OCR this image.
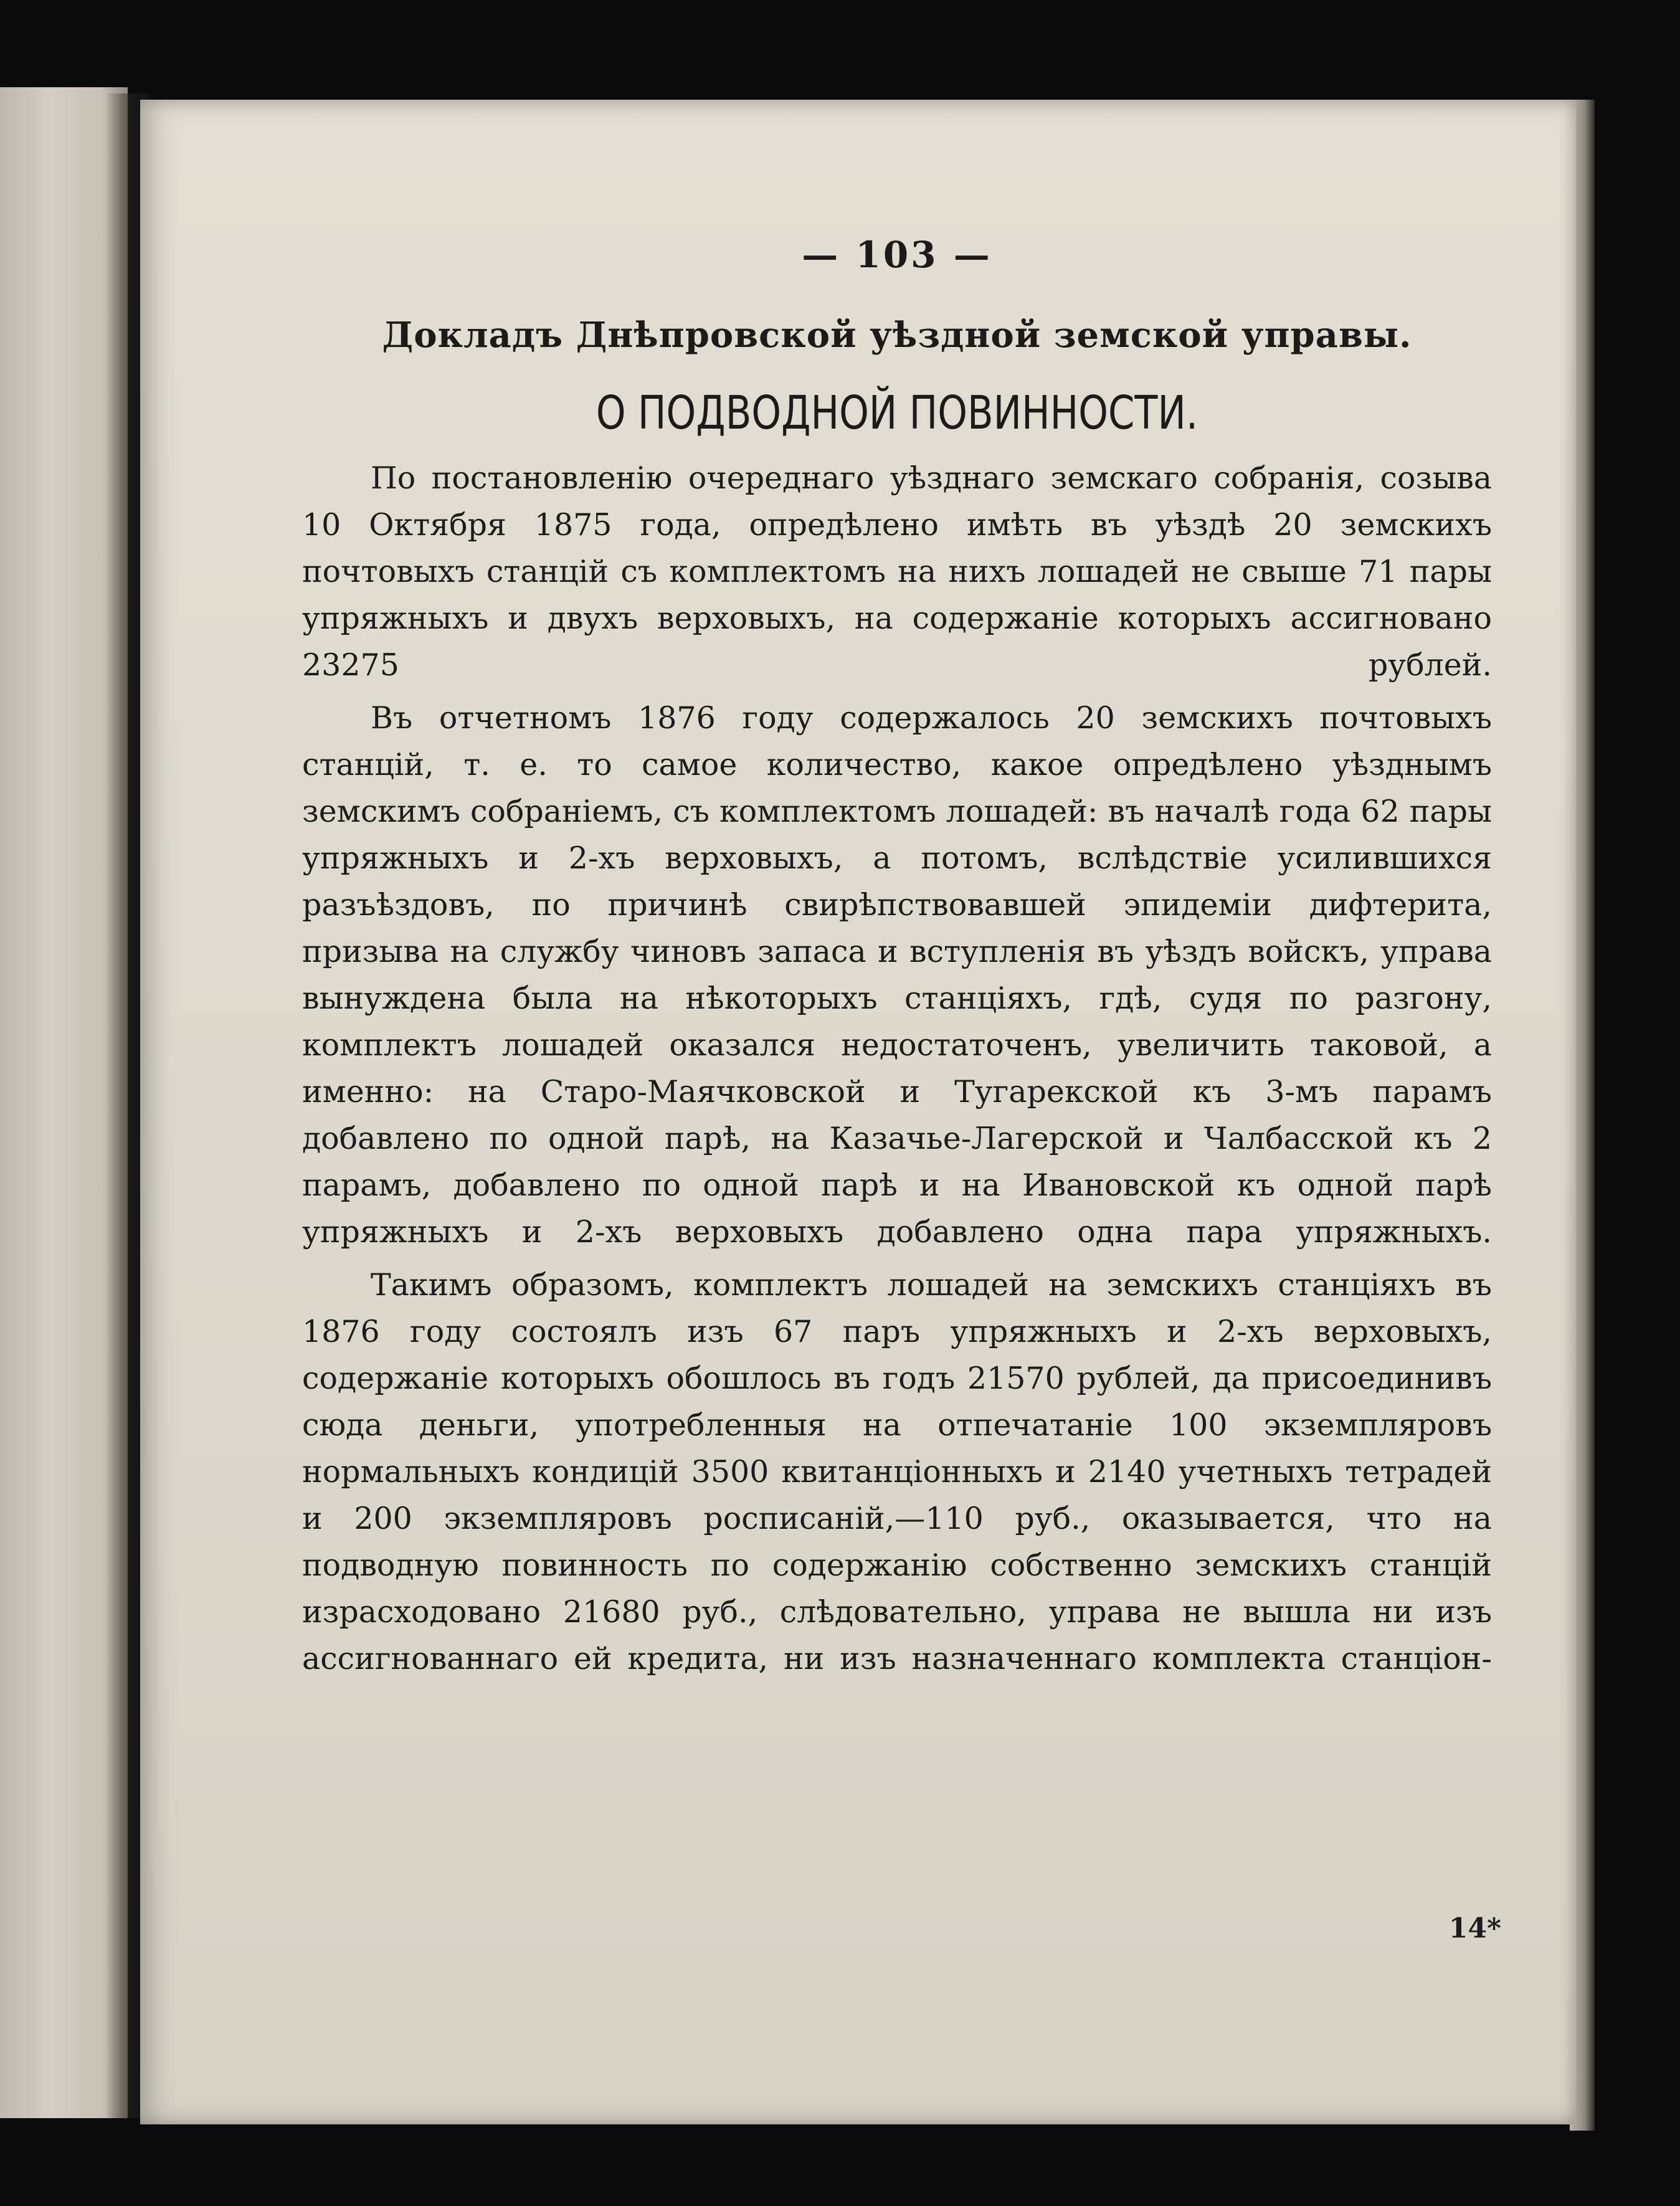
— 103 —
Докладъ Днѣпровской уѣздной земской управы.
О ПОДВОДНОЙ ПОВИННОСТИ.

По постановленію очереднаго уѣзднаго земскаго собранія, созыва 10 Октября 1875 года, опредѣлено имѣть въ уѣздѣ 20 земскихъ почтовыхъ станцій съ комплектомъ на нихъ лошадей не свыше 71 пары упряжныхъ и двухъ верховыхъ, на содержаніе которыхъ ассигновано 23275 рублей.

Въ отчетномъ 1876 году содержалось 20 земскихъ почтовыхъ станцій, т. е. то самое количество, какое опредѣлено уѣзднымъ земскимъ собраніемъ, съ комплектомъ лошадей: въ началѣ года 62 пары упряжныхъ и 2-хъ верховыхъ, а потомъ, вслѣдствіе усилившихся разъѣздовъ, по причинѣ свирѣпствовавшей эпидеміи дифтерита, призыва на службу чиновъ запаса и вступленія въ уѣздъ войскъ, управа вынуждена была на нѣкоторыхъ станціяхъ, гдѣ, судя по разгону, комплектъ лошадей оказался недостаточенъ, увеличить таковой, а именно: на Старо-Маячковской и Тугарекской къ 3-мъ парамъ добавлено по одной парѣ, на Казачье-Лагерской и Чалбасской къ 2 парамъ, добавлено по одной парѣ и на Ивановской къ одной парѣ упряжныхъ и 2-хъ верховыхъ добавлено одна пара упряжныхъ.

Такимъ образомъ, комплектъ лошадей на земскихъ станціяхъ въ 1876 году состоялъ изъ 67 паръ упряжныхъ и 2-хъ верховыхъ, содержаніе которыхъ обошлось въ годъ 21570 рублей, да присоединивъ сюда деньги, употребленныя на отпечатаніе 100 экземпляровъ нормальныхъ кондицій 3500 квитанціонныхъ и 2140 учетныхъ тетрадей и 200 экземпляровъ росписаній,—110 руб., оказывается, что на подводную повинность по содержанію собственно земскихъ станцій израсходовано 21680 руб., слѣдовательно, управа не вышла ни изъ ассигнованнаго ей кредита, ни изъ назначеннаго комплекта станціон-

14*
